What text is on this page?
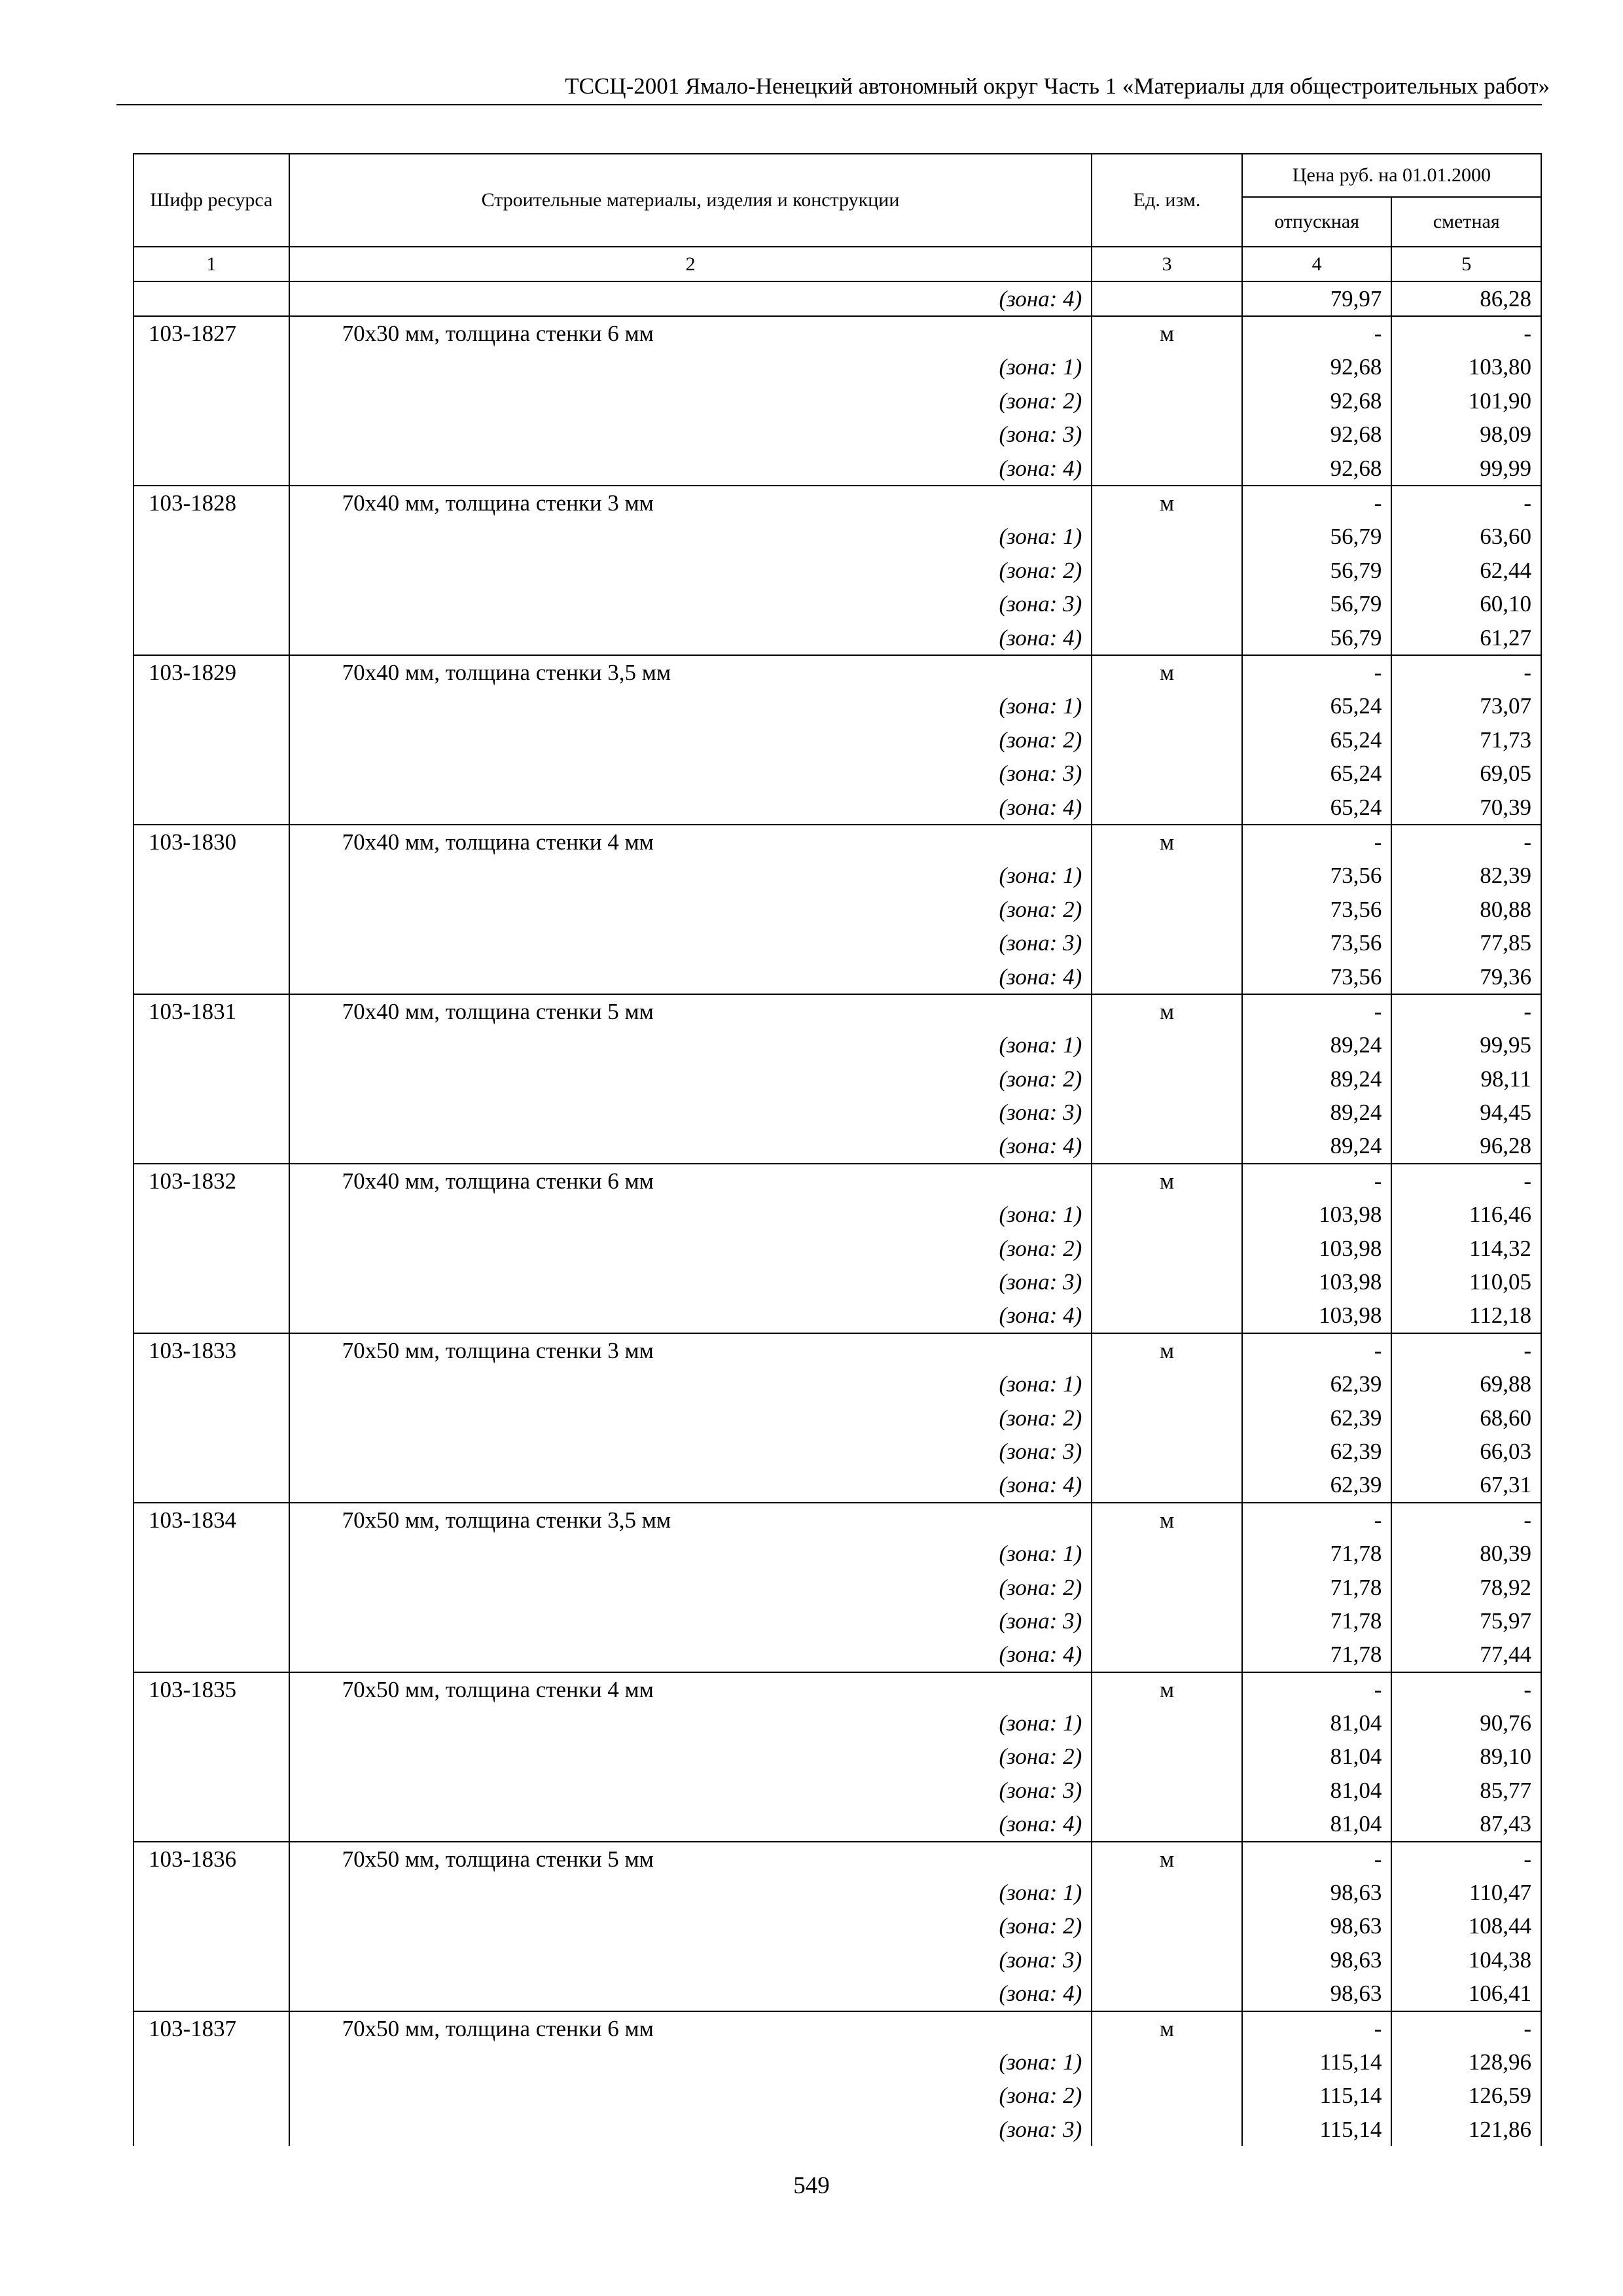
ТССЦ-2001 Ямало-Ненецкий автономный округ Часть 1 «Материалы для общестроительных работ»
Шифр ресурса	Строительные материалы, изделия и конструкции	Ед. изм.	Цена руб. на 01.01.2000	
			отпускная	сметная
1	2	3	4	5
	(зона: 4)		79,97	86,28
103-1827	70x30 мм, толщина стенки 6 мм	м	-	-
	(зона: 1)		92,68	103,80
	(зона: 2)		92,68	101,90
	(зона: 3)		92,68	98,09
	(зона: 4)		92,68	99,99
103-1828	70x40 мм, толщина стенки 3 мм	м	-	-
	(зона: 1)		56,79	63,60
	(зона: 2)		56,79	62,44
	(зона: 3)		56,79	60,10
	(зона: 4)		56,79	61,27
103-1829	70x40 мм, толщина стенки 3,5 мм	м	-	-
	(зона: 1)		65,24	73,07
	(зона: 2)		65,24	71,73
	(зона: 3)		65,24	69,05
	(зона: 4)		65,24	70,39
103-1830	70x40 мм, толщина стенки 4 мм	м	-	-
	(зона: 1)		73,56	82,39
	(зона: 2)		73,56	80,88
	(зона: 3)		73,56	77,85
	(зона: 4)		73,56	79,36
103-1831	70x40 мм, толщина стенки 5 мм	м	-	-
	(зона: 1)		89,24	99,95
	(зона: 2)		89,24	98,11
	(зона: 3)		89,24	94,45
	(зона: 4)		89,24	96,28
103-1832	70x40 мм, толщина стенки 6 мм	м	-	-
	(зона: 1)		103,98	116,46
	(зона: 2)		103,98	114,32
	(зона: 3)		103,98	110,05
	(зона: 4)		103,98	112,18
103-1833	70x50 мм, толщина стенки 3 мм	м	-	-
	(зона: 1)		62,39	69,88
	(зона: 2)		62,39	68,60
	(зона: 3)		62,39	66,03
	(зона: 4)		62,39	67,31
103-1834	70x50 мм, толщина стенки 3,5 мм	м	-	-
	(зона: 1)		71,78	80,39
	(зона: 2)		71,78	78,92
	(зона: 3)		71,78	75,97
	(зона: 4)		71,78	77,44
103-1835	70x50 мм, толщина стенки 4 мм	м	-	-
	(зона: 1)		81,04	90,76
	(зона: 2)		81,04	89,10
	(зона: 3)		81,04	85,77
	(зона: 4)		81,04	87,43
103-1836	70x50 мм, толщина стенки 5 мм	м	-	-
	(зона: 1)		98,63	110,47
	(зона: 2)		98,63	108,44
	(зона: 3)		98,63	104,38
	(зона: 4)		98,63	106,41
103-1837	70x50 мм, толщина стенки 6 мм	м	-	-
	(зона: 1)		115,14	128,96
	(зона: 2)		115,14	126,59
	(зона: 3)		115,14	121,86
549
